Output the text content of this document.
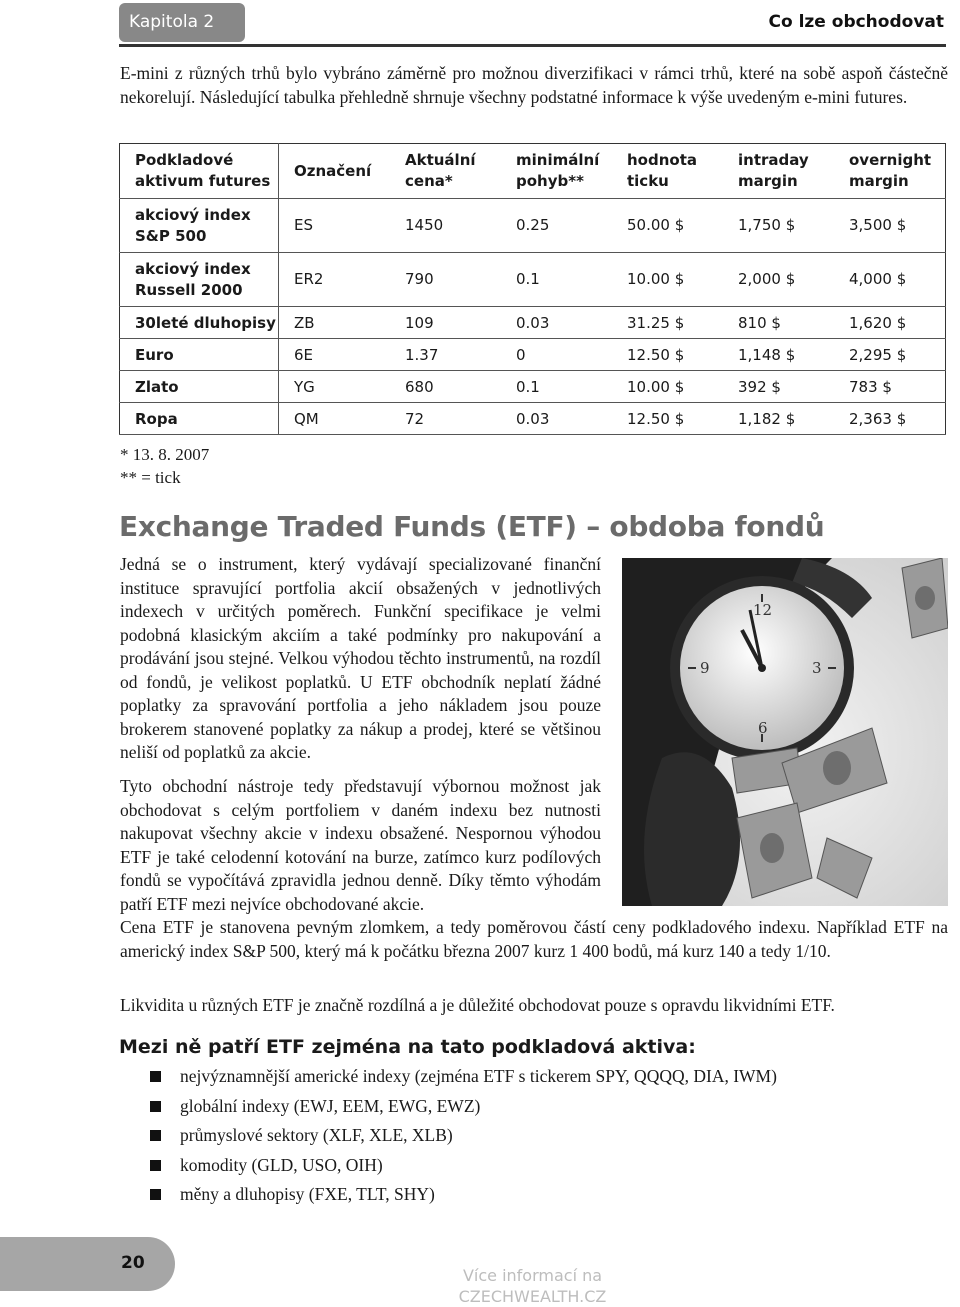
Kapitola 2	Co lze obchodovat

E-mini z různých trhů bylo vybráno záměrně pro možnou diverzifikaci v rámci trhů, které na sobě aspoň částečně nekorelují. Následující tabulka přehledně shrnuje všechny podstatné informace k výše uvedeným e-mini futures.

Podkladové aktivum futures	Označení	Aktuální cena*	minimální pohyb**	hodnota ticku	intraday margin	overnight margin
akciový index S&P 500	ES	1450	0.25	50.00 $	1,750 $	3,500 $
akciový index Russell 2000	ER2	790	0.1	10.00 $	2,000 $	4,000 $
30leté dluhopisy	ZB	109	0.03	31.25 $	810 $	1,620 $
Euro	6E	1.37	0	12.50 $	1,148 $	2,295 $
Zlato	YG	680	0.1	10.00 $	392 $	783 $
Ropa	QM	72	0.03	12.50 $	1,182 $	2,363 $
* 13. 8. 2007
** = tick
Exchange Traded Funds (ETF) – obdoba fondů

Jedná se o instrument, který vydávají specializované finanční instituce spravující portfolia akcií obsažených v jednotlivých indexech v určitých poměrech. Funkční specifikace je velmi podobná klasickým akciím a také podmínky pro nakupování a prodávání jsou stejné. Velkou výhodou těchto instrumentů, na rozdíl od fondů, je velikost poplatků. U ETF obchodník neplatí žádné poplatky za spravování portfolia a jeho nákladem jsou pouze brokerem stanovené poplatky za nákup a prodej, které se většinou neliší od poplatků za akcie.

Tyto obchodní nástroje tedy představují výbornou možnost jak obchodovat s celým portfoliem v daném indexu bez nutnosti nakupovat všechny akcie v indexu obsažené. Nespornou výhodou ETF je také celodenní kotování na burze, zatímco kurz podílových fondů se vypočítává zpravidla jednou denně. Díky těmto výhodám patří ETF mezi nejvíce obchodované akcie.

12
3
6
9

Cena ETF je stanovena pevným zlomkem, a tedy poměrovou částí ceny podkladového indexu. Například ETF na americký index S&P 500, který má k počátku března 2007 kurz 1 400 bodů, má kurz 140 a tedy 1/10.

Likvidita u různých ETF je značně rozdílná a je důležité obchodovat pouze s opravdu likvidními ETF.

Mezi ně patří ETF zejména na tato podkladová aktiva:
nejvýznamnější americké indexy (zejména ETF s tickerem SPY, QQQQ, DIA, IWM)
globální indexy (EWJ, EEM, EWG, EWZ)
průmyslové sektory (XLF, XLE, XLB)
komodity (GLD, USO, OIH)
měny a dluhopisy (FXE, TLT, SHY)
20
Více informací na
CZECHWEALTH.CZ
